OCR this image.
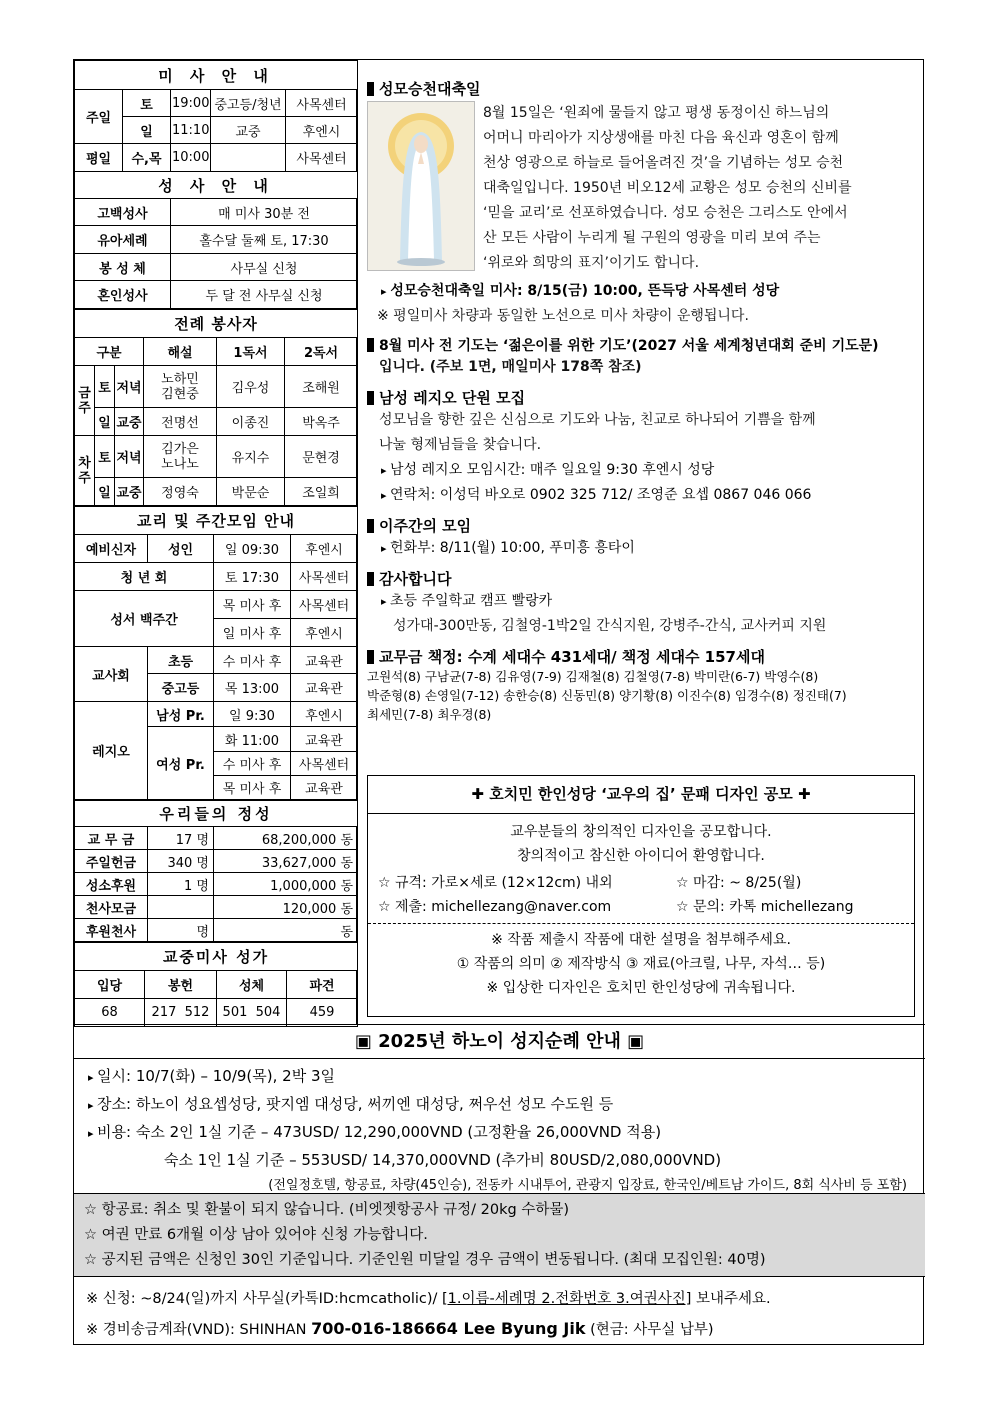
미 사 안 내				
주일	토	19:00	중고등/청년	사목센터
	일	11:10	교중	후엔시
평일	수,목	10:00		사목센터
성 사 안 내				
고백성사		매 미사 30분 전		
유아세례		홀수달 둘째 토, 17:30		
봉 성 체		사무실 신청		
혼인성사		두 달 전 사무실 신청		
전례 봉사자					
구분			해설	1독서	2독서
금주	토	저녁	노하민 김현중	김우성	조해원
	일	교중	전명선	이종진	박옥주
차주	토	저녁	김가은 노나노	유지수	문현경
	일	교중	정영숙	박문순	조일희
교리 및 주간모임 안내			
예비신자	성인	일 09:30	후엔시
청 년 회		토 17:30	사목센터
성서 백주간		목 미사 후	사목센터
		일 미사 후	후엔시
교사회	초등	수 미사 후	교육관
	중고등	목 13:00	교육관
레지오	남성 Pr.	일 9:30	후엔시
	여성 Pr.	화 11:00	교육관
		수 미사 후	사목센터
		목 미사 후	교육관
우리들의 정성		
교 무 금	17 명	68,200,000 동
주일헌금	340 명	33,627,000 동
성소후원	1 명	1,000,000 동
천사모금		120,000 동
후원천사	명	동
교중미사 성가			
입당	봉헌	성체	파견
68	217  512	501  504	459
성모승천대축일
8월 15일은 ‘원죄에 물들지 않고 평생 동정이신 하느님의
어머니 마리아가 지상생애를 마친 다음 육신과 영혼이 함께
천상 영광으로 하늘로 들어올려진 것’을 기념하는 성모 승천
대축일입니다. 1950년 비오12세 교황은 성모 승천의 신비를
‘믿을 교리’로 선포하였습니다. 성모 승천은 그리스도 안에서
산 모든 사람이 누리게 될 구원의 영광을 미리 보여 주는
‘위로와 희망의 표지’이기도 합니다.
▸ 성모승천대축일 미사: 8/15(금) 10:00, 뜬득당 사목센터 성당
※ 평일미사 차량과 동일한 노선으로 미사 차량이 운행됩니다.
8월 미사 전 기도는 ‘젊은이를 위한 기도’(2027 서울 세계청년대회 준비 기도문)
입니다. (주보 1면, 매일미사 178쪽 참조)
남성 레지오 단원 모집
성모님을 향한 깊은 신심으로 기도와 나눔, 친교로 하나되어 기쁨을 함께
나눌 형제님들을 찾습니다.
▸ 남성 레지오 모임시간: 매주 일요일 9:30 후엔시 성당
▸ 연락처: 이성덕 바오로 0902 325 712/ 조영준 요셉 0867 046 066
이주간의 모임
▸ 헌화부: 8/11(월) 10:00, 푸미흥 흥타이
감사합니다
▸ 초등 주일학교 캠프 빨랑카
성가대-300만동, 김철영-1박2일 간식지원, 강병주-간식, 교사커피 지원
교무금 책정: 수계 세대수 431세대/ 책정 세대수 157세대
고원석(8) 구남균(7-8) 김유영(7-9) 김재철(8) 김철영(7-8) 박미란(6-7) 박영수(8)
박준형(8) 손영일(7-12) 송한승(8) 신동민(8) 양기황(8) 이진수(8) 임경수(8) 정진태(7)
최세민(7-8) 최우경(8)
✚ 호치민 한인성당 ‘교우의 집’ 문패 디자인 공모 ✚
교우분들의 창의적인 디자인을 공모합니다.
창의적이고 참신한 아이디어 환영합니다.
☆ 규격: 가로×세로 (12×12cm) 내외	☆ 마감: ~ 8/25(월)
☆ 제출: michellezang@naver.com	☆ 문의: 카톡 michellezang
※ 작품 제출시 작품에 대한 설명을 첨부해주세요.
① 작품의 의미 ② 제작방식 ③ 재료(아크릴, 나무, 자석… 등)
※ 입상한 디자인은 호치민 한인성당에 귀속됩니다.
▣ 2025년 하노이 성지순례 안내 ▣
▸ 일시: 10/7(화) – 10/9(목), 2박 3일
▸ 장소: 하노이 성요셉성당, 팟지엠 대성당, 써끼엔 대성당, 쩌우선 성모 수도원 등
▸ 비용: 숙소 2인 1실 기준 – 473USD/ 12,290,000VND (고정환율 26,000VND 적용)
숙소 1인 1실 기준 – 553USD/ 14,370,000VND (추가비 80USD/2,080,000VND)
(전일정호텔, 항공료, 차량(45인승), 전동카 시내투어, 관광지 입장료, 한국인/베트남 가이드, 8회 식사비 등 포함)
☆ 항공료: 취소 및 환불이 되지 않습니다. (비엣젯항공사 규정/ 20kg 수하물)
☆ 여권 만료 6개월 이상 남아 있어야 신청 가능합니다.
☆ 공지된 금액은 신청인 30인 기준입니다. 기준인원 미달일 경우 금액이 변동됩니다. (최대 모집인원: 40명)
※ 신청: ~8/24(일)까지 사무실(카톡ID:hcmcatholic)/ [1.이름-세례명 2.전화번호 3.여권사진] 보내주세요.
※ 경비송금계좌(VND): SHINHAN 700-016-186664 Lee Byung Jik (현금: 사무실 납부)
